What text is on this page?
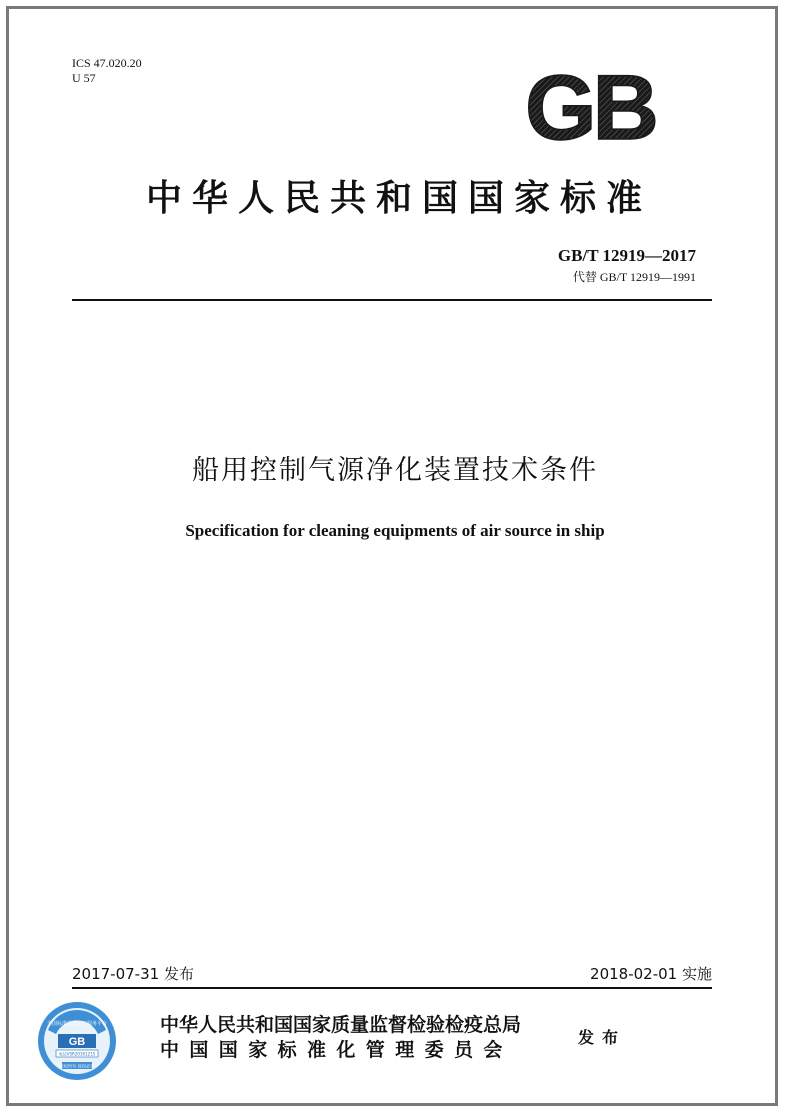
ICS 47.020.20
U 57	GB
中华人民共和国国家标准
GB/T 12919—2017
代替 GB/T 12919—1991
船用控制气源净化装置技术条件
Specification for cleaning equipments of air source in ship
2017-07-31 发布	2018-02-01 实施
全国标准信息公共服务平台
GB
电信VSR20161215
版权所有 侵权必究
中华人民共和国国家质量监督检验检疫总局
中国国家标准化管理委员会
发布
